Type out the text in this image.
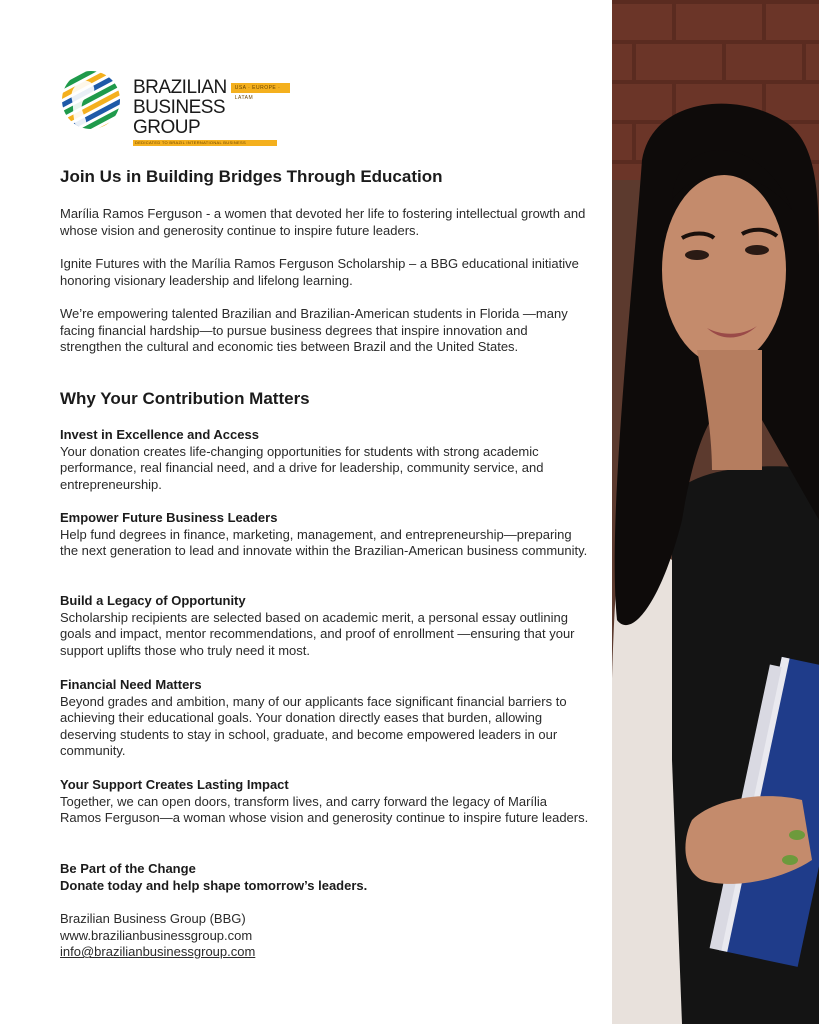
BRAZILIAN	USA · EUROPE · LATAM
BUSINESS GROUP
DEDICATED TO BRAZIL INTERNATIONAL BUSINESS
Join Us in Building Bridges Through Education

Marília Ramos Ferguson - a women that devoted her life to fostering intellectual growth and whose vision and generosity continue to inspire future leaders.

Ignite Futures with the Marília Ramos Ferguson Scholarship – a BBG educational initiative honoring visionary leadership and lifelong learning.

We’re empowering talented Brazilian and Brazilian-American students in Florida —many facing financial hardship—to pursue business degrees that inspire innovation and strengthen the cultural and economic ties between Brazil and the United States.

Why Your Contribution Matters
Invest in Excellence and Access
Your donation creates life-changing opportunities for students with strong academic performance, real financial need, and a drive for leadership, community service, and entrepreneurship.
Empower Future Business Leaders
Help fund degrees in finance, marketing, management, and entrepreneurship—preparing the next generation to lead and innovate within the Brazilian-American business community.
Build a Legacy of Opportunity
Scholarship recipients are selected based on academic merit, a personal essay outlining goals and impact, mentor recommendations, and proof of enrollment —ensuring that your support uplifts those who truly need it most.
Financial Need Matters
Beyond grades and ambition, many of our applicants face significant financial barriers to achieving their educational goals. Your donation directly eases that burden, allowing deserving students to stay in school, graduate, and become empowered leaders in our community.
Your Support Creates Lasting Impact
Together, we can open doors, transform lives, and carry forward the legacy of Marília Ramos Ferguson—a woman whose vision and generosity continue to inspire future leaders.
Be Part of the Change
Donate today and help shape tomorrow’s leaders.
Brazilian Business Group (BBG)
www.brazilianbusinessgroup.com
info@brazilianbusinessgroup.com
